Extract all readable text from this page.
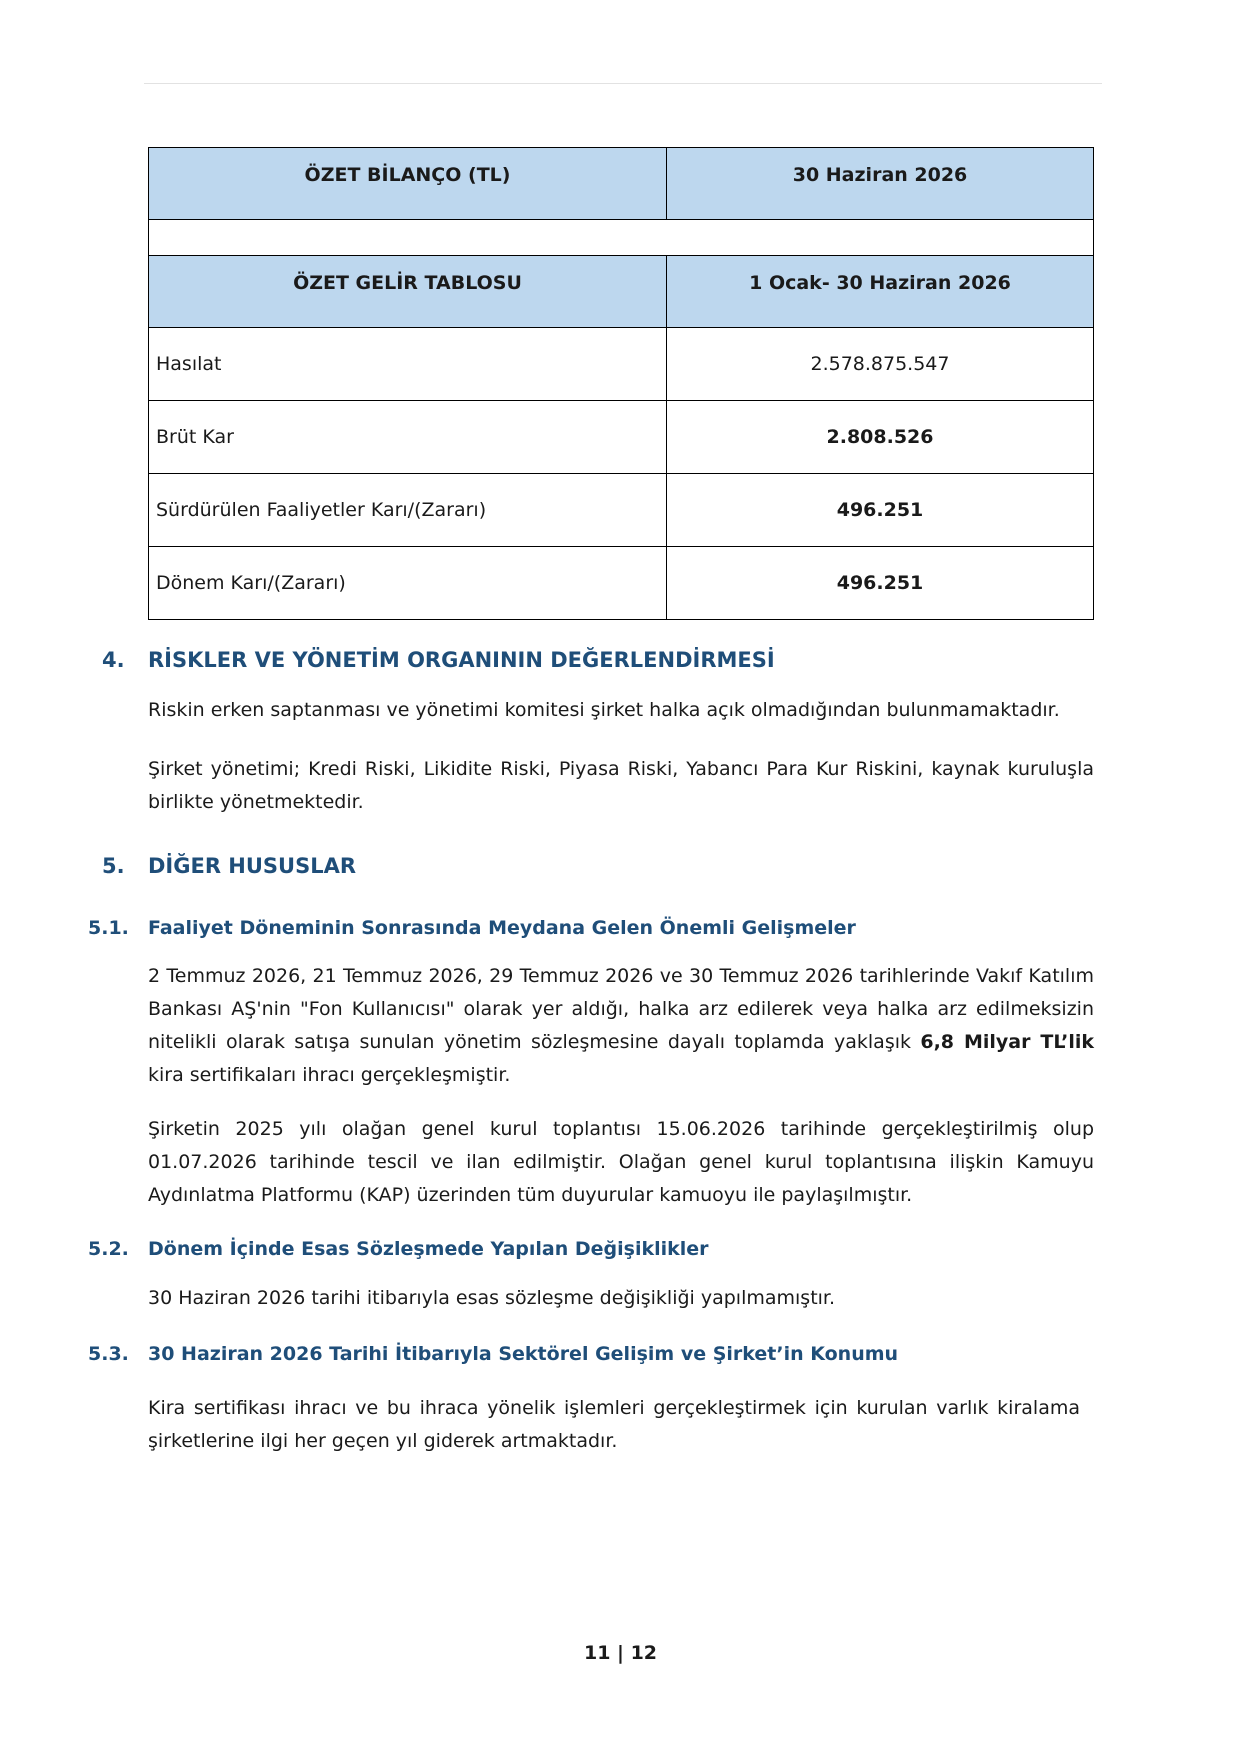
ÖZET BİLANÇO (TL)	30 Haziran 2026

ÖZET GELİR TABLOSU	1 Ocak- 30 Haziran 2026
Hasılat	2.578.875.547
Brüt Kar	2.808.526
Sürdürülen Faaliyetler Karı/(Zararı)	496.251
Dönem Karı/(Zararı)	496.251
4. RİSKLER VE YÖNETİM ORGANININ DEĞERLENDİRMESİ
Riskin erken saptanması ve yönetimi komitesi şirket halka açık olmadığından bulunmamaktadır.
Şirket yönetimi; Kredi Riski, Likidite Riski, Piyasa Riski, Yabancı Para Kur Riskini, kaynak kuruluşla birlikte yönetmektedir.
5. DİĞER HUSUSLAR
5.1. Faaliyet Döneminin Sonrasında Meydana Gelen Önemli Gelişmeler
2 Temmuz 2026, 21 Temmuz 2026, 29 Temmuz 2026 ve 30 Temmuz 2026 tarihlerinde Vakıf Katılım Bankası AŞ'nin "Fon Kullanıcısı" olarak yer aldığı, halka arz edilerek veya halka arz edilmeksizin nitelikli olarak satışa sunulan yönetim sözleşmesine dayalı toplamda yaklaşık 6,8 Milyar TL’lik kira sertifikaları ihracı gerçekleşmiştir.
Şirketin 2025 yılı olağan genel kurul toplantısı 15.06.2026 tarihinde gerçekleştirilmiş olup 01.07.2026 tarihinde tescil ve ilan edilmiştir. Olağan genel kurul toplantısına ilişkin Kamuyu Aydınlatma Platformu (KAP) üzerinden tüm duyurular kamuoyu ile paylaşılmıştır.
5.2. Dönem İçinde Esas Sözleşmede Yapılan Değişiklikler
30 Haziran 2026 tarihi itibarıyla esas sözleşme değişikliği yapılmamıştır.
5.3. 30 Haziran 2026 Tarihi İtibarıyla Sektörel Gelişim ve Şirket’in Konumu
Kira sertifikası ihracı ve bu ihraca yönelik işlemleri gerçekleştirmek için kurulan varlık kiralama şirketlerine ilgi her geçen yıl giderek artmaktadır.
11 | 12
